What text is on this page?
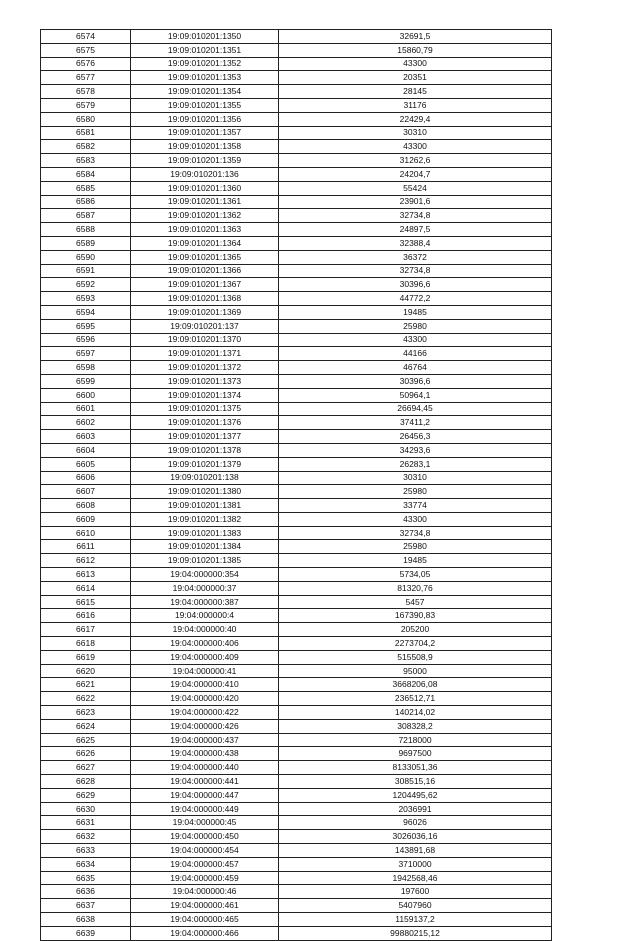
6574	19:09:010201:1350	32691,5
6575	19:09:010201:1351	15860,79
6576	19:09:010201:1352	43300
6577	19:09:010201:1353	20351
6578	19:09:010201:1354	28145
6579	19:09:010201:1355	31176
6580	19:09:010201:1356	22429,4
6581	19:09:010201:1357	30310
6582	19:09:010201:1358	43300
6583	19:09:010201:1359	31262,6
6584	19:09:010201:136	24204,7
6585	19:09:010201:1360	55424
6586	19:09:010201:1361	23901,6
6587	19:09:010201:1362	32734,8
6588	19:09:010201:1363	24897,5
6589	19:09:010201:1364	32388,4
6590	19:09:010201:1365	36372
6591	19:09:010201:1366	32734,8
6592	19:09:010201:1367	30396,6
6593	19:09:010201:1368	44772,2
6594	19:09:010201:1369	19485
6595	19:09:010201:137	25980
6596	19:09:010201:1370	43300
6597	19:09:010201:1371	44166
6598	19:09:010201:1372	46764
6599	19:09:010201:1373	30396,6
6600	19:09:010201:1374	50964,1
6601	19:09:010201:1375	26694,45
6602	19:09:010201:1376	37411,2
6603	19:09:010201:1377	26456,3
6604	19:09:010201:1378	34293,6
6605	19:09:010201:1379	26283,1
6606	19:09:010201:138	30310
6607	19:09:010201:1380	25980
6608	19:09:010201:1381	33774
6609	19:09:010201:1382	43300
6610	19:09:010201:1383	32734,8
6611	19:09:010201:1384	25980
6612	19:09:010201:1385	19485
6613	19:04:000000:354	5734,05
6614	19:04:000000:37	81320,76
6615	19:04:000000:387	5457
6616	19:04:000000:4	167390,83
6617	19:04:000000:40	205200
6618	19:04:000000:406	2273704,2
6619	19:04:000000:409	515508,9
6620	19:04:000000:41	95000
6621	19:04:000000:410	3668206,08
6622	19:04:000000:420	236512,71
6623	19:04:000000:422	140214,02
6624	19:04:000000:426	308328,2
6625	19:04:000000:437	7218000
6626	19:04:000000:438	9697500
6627	19:04:000000:440	8133051,36
6628	19:04:000000:441	308515,16
6629	19:04:000000:447	1204495,62
6630	19:04:000000:449	2036991
6631	19:04:000000:45	96026
6632	19:04:000000:450	3026036,16
6633	19:04:000000:454	143891,68
6634	19:04:000000:457	3710000
6635	19:04:000000:459	1942568,46
6636	19:04:000000:46	197600
6637	19:04:000000:461	5407960
6638	19:04:000000:465	1159137,2
6639	19:04:000000:466	99880215,12
